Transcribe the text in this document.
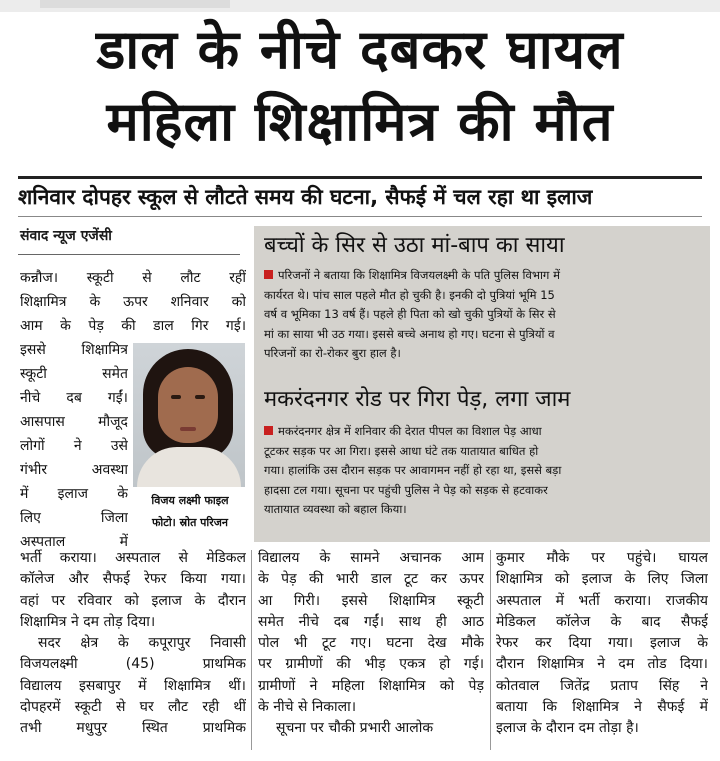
डाल के नीचे दबकर घायल
महिला शिक्षामित्र की मौत
शनिवार दोपहर स्कूल से लौटते समय की घटना, सैफई में चल रहा था इलाज
संवाद न्यूज एजेंसी
कन्नौज। स्कूटी से लौट रहीं
शिक्षामित्र के ऊपर शनिवार को
आम के पेड़ की डाल गिर गई।
इससे शिक्षामित्र
स्कूटी समेत
नीचे दब गईं।
आसपास मौजूद
लोगों ने उसे
गंभीर अवस्था
में इलाज के
लिए जिला
अस्पताल में
विजय लक्ष्मी फाइल
फोटो। स्रोत परिजन
बच्चों के सिर से उठा मां-बाप का साया
परिजनों ने बताया कि शिक्षामित्र विजयलक्ष्मी के पति पुलिस विभाग में
कार्यरत थे। पांच साल पहले मौत हो चुकी है। इनकी दो पुत्रियां भूमि 15
वर्ष व भूमिका 13 वर्ष हैं। पहले ही पिता को खो चुकी पुत्रियों के सिर से
मां का साया भी उठ गया। इससे बच्चे अनाथ हो गए। घटना से पुत्रियों व
परिजनों का रो-रोकर बुरा हाल है।
मकरंदनगर रोड पर गिरा पेड़, लगा जाम
मकरंदनगर क्षेत्र में शनिवार की देरात पीपल का विशाल पेड़ आधा
टूटकर सड़क पर आ गिरा। इससे आधा घंटे तक यातायात बाधित हो
गया। हालांकि उस दौरान सड़क पर आवागमन नहीं हो रहा था, इससे बड़ा
हादसा टल गया। सूचना पर पहुंची पुलिस ने पेड़ को सड़क से हटवाकर
यातायात व्यवस्था को बहाल किया।
भर्ती कराया। अस्पताल से मेडिकल
कॉलेज और सैफई रेफर किया गया।
वहां पर रविवार को इलाज के दौरान
शिक्षामित्र ने दम तोड़ दिया।
सदर क्षेत्र के कपूरापुर निवासी
विजयलक्ष्मी (45) प्राथमिक
विद्यालय इसबापुर में शिक्षामित्र थीं।
दोपहरमें स्कूटी से घर लौट रही थीं
तभी मधुपुर स्थित प्राथमिक
विद्यालय के सामने अचानक आम
के पेड़ की भारी डाल टूट कर ऊपर
आ गिरी। इससे शिक्षामित्र स्कूटी
समेत नीचे दब गईं। साथ ही आठ
पोल भी टूट गए। घटना देख मौके
पर ग्रामीणों की भीड़ एकत्र हो गई।
ग्रामीणों ने महिला शिक्षामित्र को पेड़
के नीचे से निकाला।
सूचना पर चौकी प्रभारी आलोक
कुमार मौके पर पहुंचे। घायल
शिक्षामित्र को इलाज के लिए जिला
अस्पताल में भर्ती कराया। राजकीय
मेडिकल कॉलेज के बाद सैफई
रेफर कर दिया गया। इलाज के
दौरान शिक्षामित्र ने दम तोड दिया।
कोतवाल जितेंद्र प्रताप सिंह ने
बताया कि शिक्षामित्र ने सैफई में
इलाज के दौरान दम तोड़ा है।
